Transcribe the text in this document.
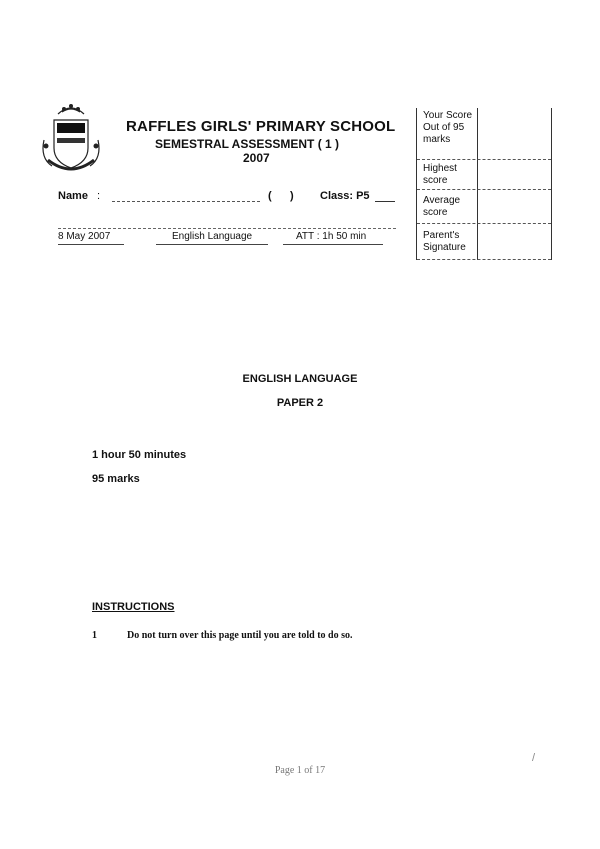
RAFFLES GIRLS' PRIMARY SCHOOL
SEMESTRAL ASSESSMENT ( 1 )
2007
Name :	(      ) Class: P5
8 May 2007	English Language	ATT : 1h 50 min
Your Score Out of 95 marks
Highest score
Average score
Parent's Signature
ENGLISH LANGUAGE
PAPER 2
1 hour 50 minutes
95 marks
INSTRUCTIONS
1	Do not turn over this page until you are told to do so.
Page 1 of 17
/
